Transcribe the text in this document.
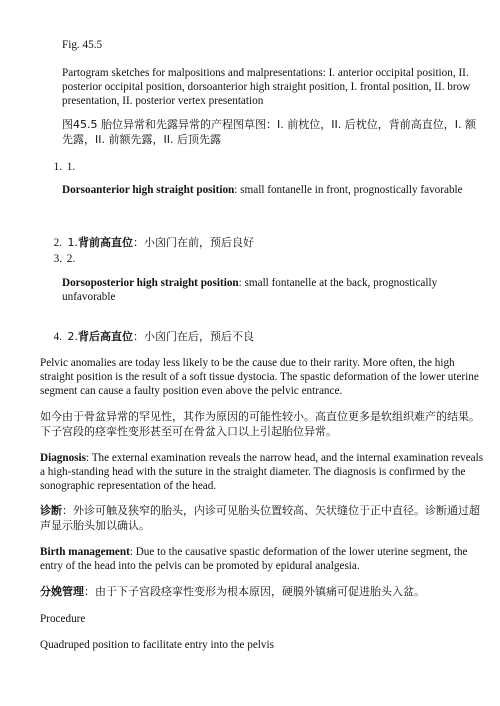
Fig. 45.5

Partogram sketches for malpositions and malpresentations: I. anterior occipital position, II. posterior occipital position, dorsoanterior high straight position, I. frontal position, II. brow presentation, II. posterior vertex presentation

图45.5 胎位异常和先露异常的产程图草图：I. 前枕位，II. 后枕位，背前高直位，I. 额先露，II. 前额先露，II. 后顶先露

1. 1.

Dorsoanterior high straight position: small fontanelle in front, prognostically favorable

2. 1.背前高直位：小囟门在前，预后良好
3. 2.

Dorsoposterior high straight position: small fontanelle at the back, prognostically unfavorable

4. 2.背后高直位：小囟门在后，预后不良

Pelvic anomalies are today less likely to be the cause due to their rarity. More often, the high straight position is the result of a soft tissue dystocia. The spastic deformation of the lower uterine segment can cause a faulty position even above the pelvic entrance.

如今由于骨盆异常的罕见性，其作为原因的可能性较小。高直位更多是软组织难产的结果。下子宫段的痉挛性变形甚至可在骨盆入口以上引起胎位异常。

Diagnosis: The external examination reveals the narrow head, and the internal examination reveals a high-standing head with the suture in the straight diameter. The diagnosis is confirmed by the sonographic representation of the head.

诊断：外诊可触及狭窄的胎头，内诊可见胎头位置较高、矢状缝位于正中直径。诊断通过超声显示胎头加以确认。

Birth management: Due to the causative spastic deformation of the lower uterine segment, the entry of the head into the pelvis can be promoted by epidural analgesia.

分娩管理：由于下子宫段痉挛性变形为根本原因，硬膜外镇痛可促进胎头入盆。

Procedure

Quadruped position to facilitate entry into the pelvis
